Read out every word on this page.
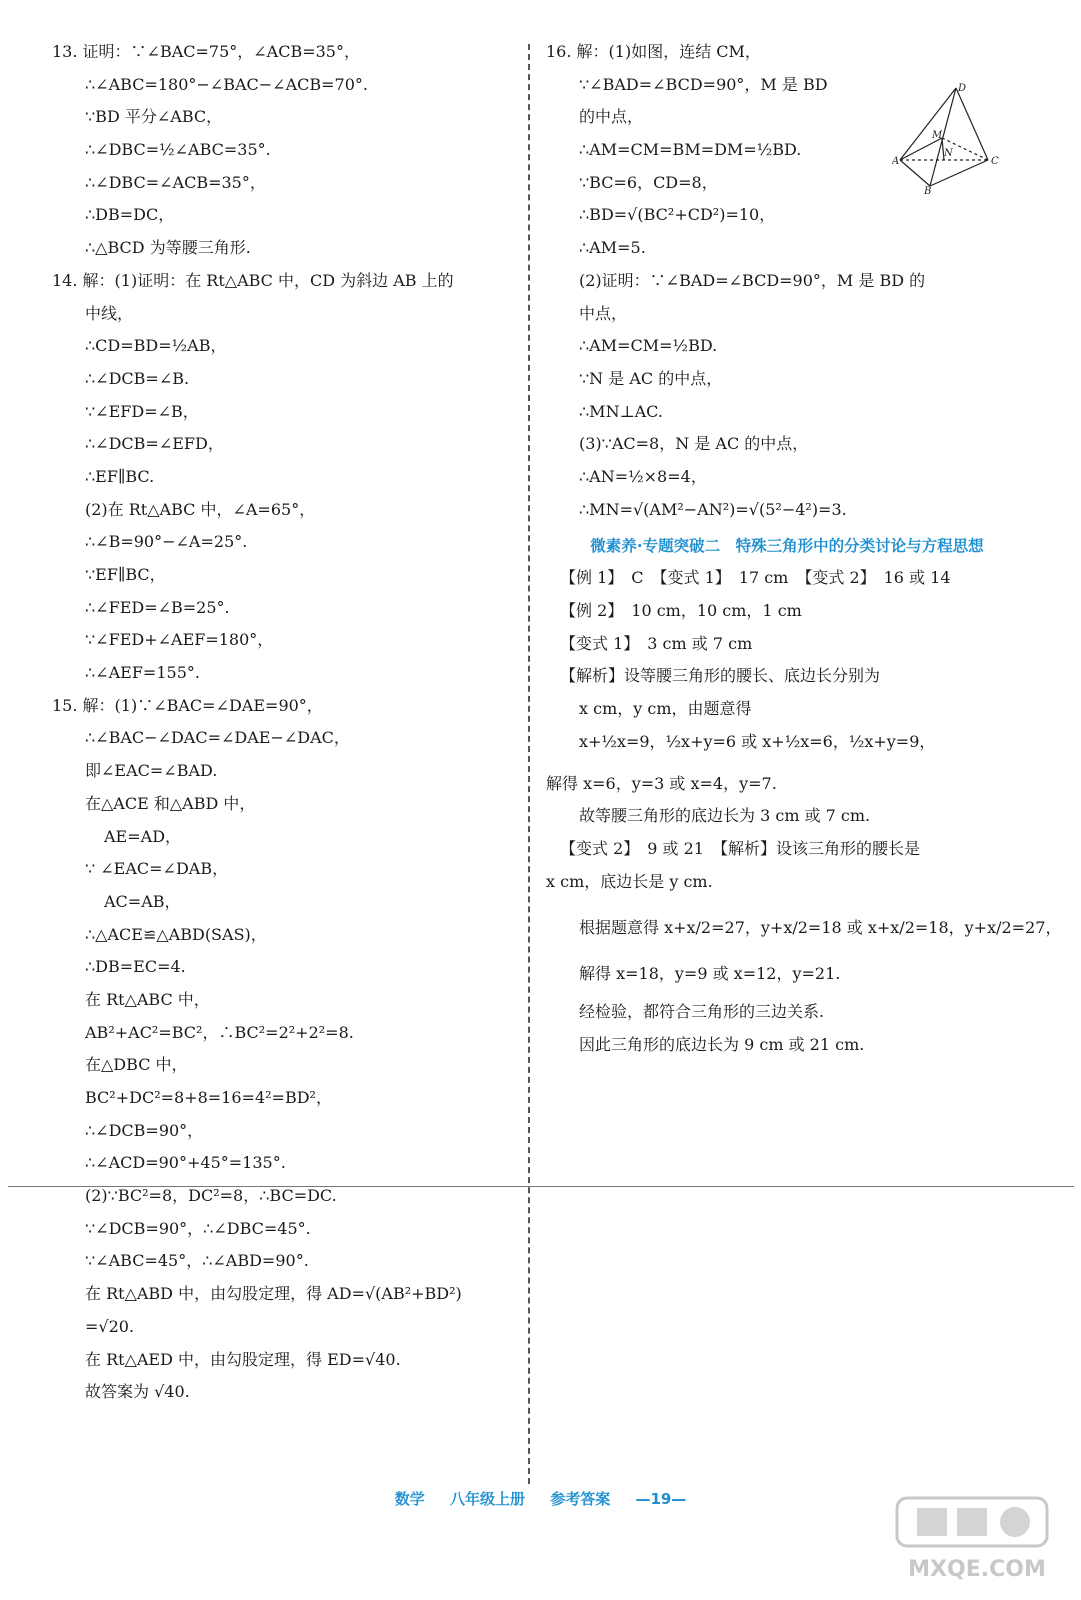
13. 证明：∵∠BAC=75°，∠ACB=35°，
∴∠ABC=180°−∠BAC−∠ACB=70°.
∵BD 平分∠ABC，
∴∠DBC=½∠ABC=35°.
∴∠DBC=∠ACB=35°，
∴DB=DC，
∴△BCD 为等腰三角形.
14. 解：(1)证明：在 Rt△ABC 中，CD 为斜边 AB 上的
中线，
∴CD=BD=½AB，
∴∠DCB=∠B.
∵∠EFD=∠B，
∴∠DCB=∠EFD，
∴EF∥BC.
(2)在 Rt△ABC 中，∠A=65°，
∴∠B=90°−∠A=25°.
∵EF∥BC，
∴∠FED=∠B=25°.
∵∠FED+∠AEF=180°，
∴∠AEF=155°.
15. 解：(1)∵∠BAC=∠DAE=90°，
∴∠BAC−∠DAC=∠DAE−∠DAC，
即∠EAC=∠BAD.
在△ACE 和△ABD 中，
AE=AD，
∵ ∠EAC=∠DAB，
AC=AB，
∴△ACE≌△ABD(SAS)，
∴DB=EC=4.
在 Rt△ABC 中，
AB²+AC²=BC²，∴BC²=2²+2²=8.
在△DBC 中，
BC²+DC²=8+8=16=4²=BD²，
∴∠DCB=90°，
∴∠ACD=90°+45°=135°.
(2)∵BC²=8，DC²=8，∴BC=DC.
∵∠DCB=90°，∴∠DBC=45°.
∵∠ABC=45°，∴∠ABD=90°.
在 Rt△ABD 中，由勾股定理，得 AD=√(AB²+BD²)
=√20.
在 Rt△AED 中，由勾股定理，得 ED=√40.
故答案为 √40.
16. 解：(1)如图，连结 CM，
∵∠BAD=∠BCD=90°，M 是 BD
的中点，
∴AM=CM=BM=DM=½BD.
∵BC=6，CD=8，
∴BD=√(BC²+CD²)=10，
∴AM=5.
(2)证明：∵∠BAD=∠BCD=90°，M 是 BD 的
中点，
∴AM=CM=½BD.
∵N 是 AC 的中点，
∴MN⊥AC.
(3)∵AC=8，N 是 AC 的中点，
∴AN=½×8=4，
∴MN=√(AM²−AN²)=√(5²−4²)=3.
微素养·专题突破二　特殊三角形中的分类讨论与方程思想
【例 1】　C　【变式 1】　17 cm　【变式 2】　16 或 14
【例 2】　10 cm，10 cm，1 cm
【变式 1】　3 cm 或 7 cm
【解析】设等腰三角形的腰长、底边长分别为
x cm，y cm，由题意得
x+½x=9，½x+y=6 或 x+½x=6，½x+y=9，
解得 x=6，y=3 或 x=4，y=7.
故等腰三角形的底边长为 3 cm 或 7 cm.
【变式 2】　9 或 21　【解析】设该三角形的腰长是
x cm，底边长是 y cm.
根据题意得 x+x/2=27，y+x/2=18 或 x+x/2=18，y+x/2=27，
解得 x=18，y=9 或 x=12，y=21.
经检验，都符合三角形的三边关系.
因此三角形的底边长为 9 cm 或 21 cm.
D
M
A
N
C
B
数学 八年级上册 参考答案 —19—
MXQE.COM
